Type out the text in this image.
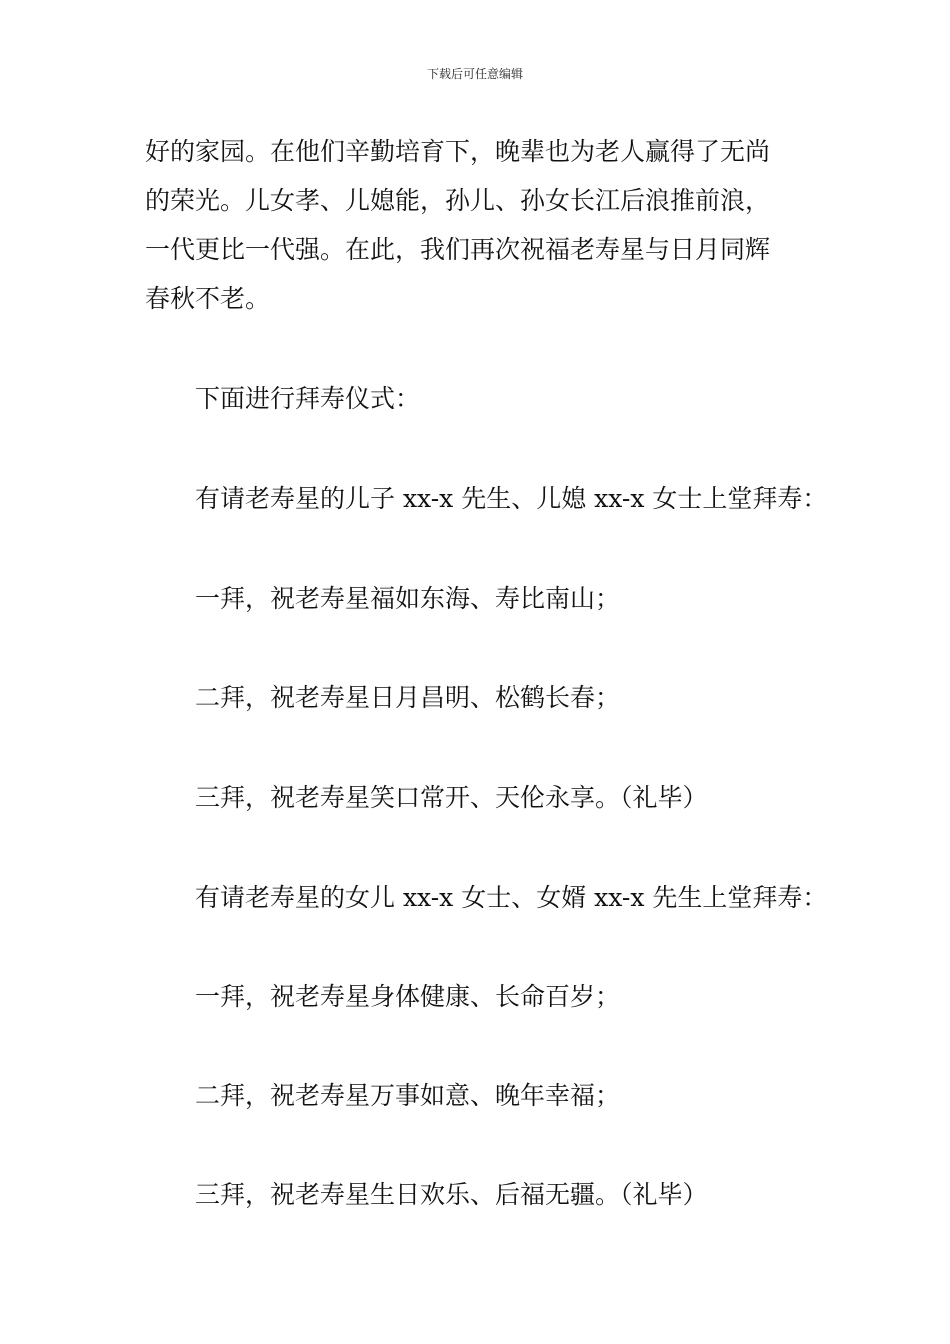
下载后可任意编辑
好的家园。在他们辛勤培育下，晚辈也为老人赢得了无尚
的荣光。儿女孝、儿媳能，孙儿、孙女长江后浪推前浪，
一代更比一代强。在此，我们再次祝福老寿星与日月同辉
春秋不老。
下面进行拜寿仪式：
有请老寿星的儿子 xx-x 先生、儿媳 xx-x 女士上堂拜寿：
一拜，祝老寿星福如东海、寿比南山；
二拜，祝老寿星日月昌明、松鹤长春；
三拜，祝老寿星笑口常开、天伦永享。（礼毕）
有请老寿星的女儿 xx-x 女士、女婿 xx-x 先生上堂拜寿：
一拜，祝老寿星身体健康、长命百岁；
二拜，祝老寿星万事如意、晚年幸福；
三拜，祝老寿星生日欢乐、后福无疆。（礼毕）
